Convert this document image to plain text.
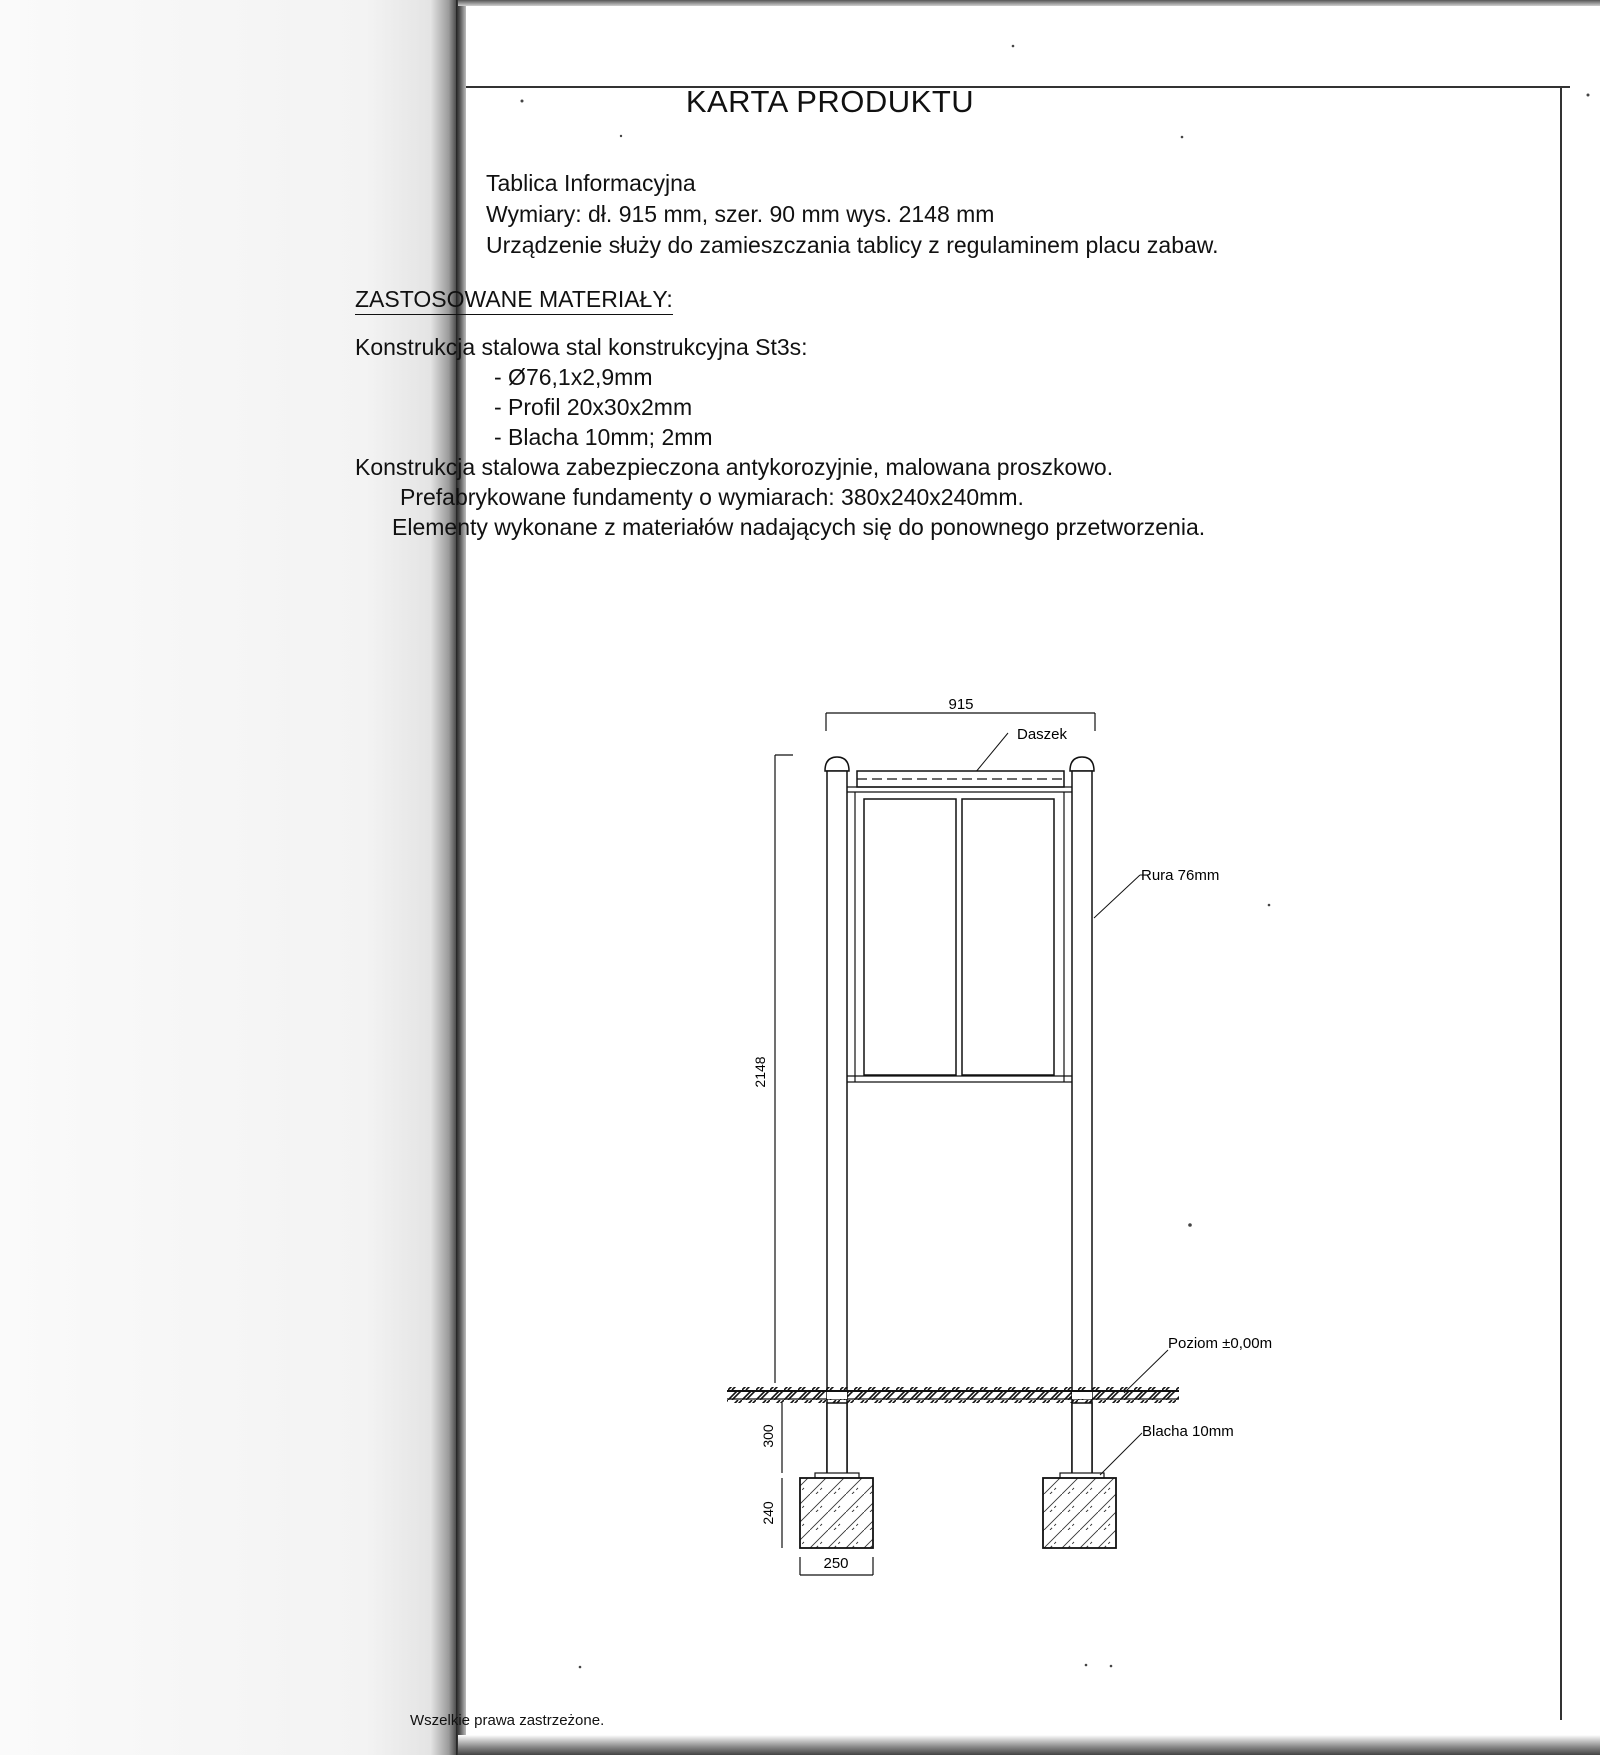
KARTA PRODUKTU
Tablica Informacyjna
Wymiary: dł. 915 mm, szer. 90 mm wys. 2148 mm
Urządzenie służy do zamieszczania tablicy z regulaminem placu zabaw.
ZASTOSOWANE MATERIAŁY:
Konstrukcja stalowa stal konstrukcyjna St3s:
- Ø76,1x2,9mm
- Profil 20x30x2mm
- Blacha 10mm; 2mm
Konstrukcja stalowa zabezpieczona antykorozyjnie, malowana proszkowo.
Prefabrykowane fundamenty o wymiarach: 380x240x240mm.
Elementy wykonane z materiałów nadających się do ponownego przetworzenia.
915
Daszek
2148
Rura 76mm
Poziom ±0,00m
Blacha 10mm
300
240
250
Wszelkie prawa zastrzeżone.
